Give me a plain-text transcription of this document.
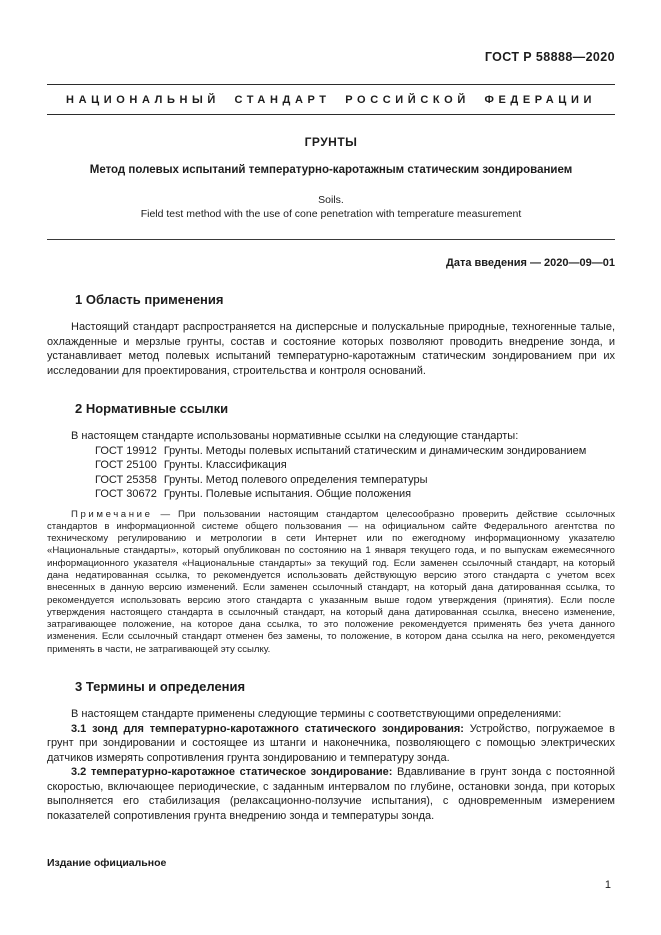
ГОСТ Р 58888—2020
НАЦИОНАЛЬНЫЙ СТАНДАРТ РОССИЙСКОЙ ФЕДЕРАЦИИ
ГРУНТЫ
Метод полевых испытаний температурно-каротажным статическим зондированием
Soils.
Field test method with the use of cone penetration with temperature measurement
Дата введения — 2020—09—01
1 Область применения

Настоящий стандарт распространяется на дисперсные и полускальные природные, техногенные талые, охлажденные и мерзлые грунты, состав и состояние которых позволяют проводить внедрение зонда, и устанавливает метод полевых испытаний температурно-каротажным статическим зондированием при их исследовании для проектирования, строительства и контроля оснований.

2 Нормативные ссылки

В настоящем стандарте использованы нормативные ссылки на следующие стандарты:

ГОСТ 19912 Грунты. Методы полевых испытаний статическим и динамическим зондированием

ГОСТ 25100 Грунты. Классификация

ГОСТ 25358 Грунты. Метод полевого определения температуры

ГОСТ 30672 Грунты. Полевые испытания. Общие положения

Примечание — При пользовании настоящим стандартом целесообразно проверить действие ссылочных стандартов в информационной системе общего пользования — на официальном сайте Федерального агентства по техническому регулированию и метрологии в сети Интернет или по ежегодному информационному указателю «Национальные стандарты», который опубликован по состоянию на 1 января текущего года, и по выпускам ежемесячного информационного указателя «Национальные стандарты» за текущий год. Если заменен ссылочный стандарт, на который дана недатированная ссылка, то рекомендуется использовать действующую версию этого стандарта с учетом всех внесенных в данную версию изменений. Если заменен ссылочный стандарт, на который дана датированная ссылка, то рекомендуется использовать версию этого стандарта с указанным выше годом утверждения (принятия). Если после утверждения настоящего стандарта в ссылочный стандарт, на который дана датированная ссылка, внесено изменение, затрагивающее положение, на которое дана ссылка, то это положение рекомендуется применять без учета данного изменения. Если ссылочный стандарт отменен без замены, то положение, в котором дана ссылка на него, рекомендуется применять в части, не затрагивающей эту ссылку.

3 Термины и определения

В настоящем стандарте применены следующие термины с соответствующими определениями:

3.1 зонд для температурно-каротажного статического зондирования: Устройство, погружаемое в грунт при зондировании и состоящее из штанги и наконечника, позволяющего с помощью электрических датчиков измерять сопротивления грунта зондированию и температуру зонда.

3.2 температурно-каротажное статическое зондирование: Вдавливание в грунт зонда с постоянной скоростью, включающее периодические, с заданным интервалом по глубине, остановки зонда, при которых выполняется его стабилизация (релаксационно-ползучие испытания), с одновременным измерением показателей сопротивления грунта внедрению зонда и температуры зонда.

Издание официальное
1
